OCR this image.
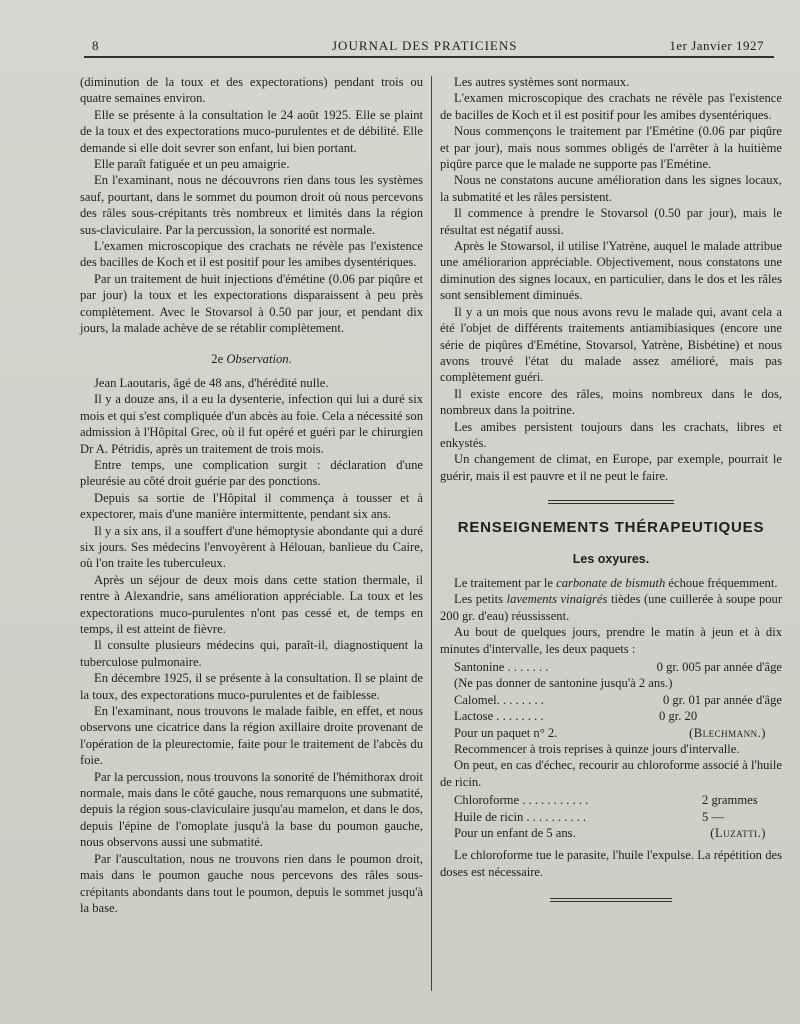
8	JOURNAL DES PRATICIENS	1er Janvier 1927

(diminution de la toux et des expectorations) pendant trois ou quatre semaines environ.

Elle se présente à la consultation le 24 août 1925. Elle se plaint de la toux et des expectorations muco-purulentes et de débilité. Elle demande si elle doit sevrer son enfant, lui bien portant.

Elle paraît fatiguée et un peu amaigrie.

En l'examinant, nous ne découvrons rien dans tous les systèmes sauf, pourtant, dans le sommet du poumon droit où nous percevons des râles sous-crépitants très nombreux et limités dans la région sus-claviculaire. Par la percussion, la sonorité est normale.

L'examen microscopique des crachats ne révèle pas l'existence des bacilles de Koch et il est positif pour les amibes dysentériques.

Par un traitement de huit injections d'émétine (0.06 par piqûre et par jour) la toux et les expectorations disparaissent à peu près complètement. Avec le Stovarsol à 0.50 par jour, et pendant dix jours, la malade achève de se rétablir complètement.

2e Observation.

Jean Laoutaris, âgé de 48 ans, d'hérédité nulle.

Il y a douze ans, il a eu la dysenterie, infection qui lui a duré six mois et qui s'est compliquée d'un abcès au foie. Cela a nécessité son admission à l'Hôpital Grec, où il fut opéré et guéri par le chirurgien Dr A. Pétridis, après un traitement de trois mois.

Entre temps, une complication surgit : déclaration d'une pleurésie au côté droit guérie par des ponctions.

Depuis sa sortie de l'Hôpital il commença à tousser et à expectorer, mais d'une manière intermittente, pendant six ans.

Il y a six ans, il a souffert d'une hémoptysie abondante qui a duré six jours. Ses médecins l'envoyèrent à Hélouan, banlieue du Caire, où l'on traite les tuberculeux.

Après un séjour de deux mois dans cette station thermale, il rentre à Alexandrie, sans amélioration appréciable. La toux et les expectorations muco-purulentes n'ont pas cessé et, de temps en temps, il est atteint de fièvre.

Il consulte plusieurs médecins qui, paraît-il, diagnostiquent la tuberculose pulmonaire.

En décembre 1925, il se présente à la consultation. Il se plaint de la toux, des expectorations muco-purulentes et de faiblesse.

En l'examinant, nous trouvons le malade faible, en effet, et nous observons une cicatrice dans la région axillaire droite provenant de l'opération de la pleurectomie, faite pour le traitement de l'abcès du foie.

Par la percussion, nous trouvons la sonorité de l'hémithorax droit normale, mais dans le côté gauche, nous remarquons une submatité, depuis la région sous-claviculaire jusqu'au mamelon, et dans le dos, depuis l'épine de l'omoplate jusqu'à la base du poumon gauche, nous observons aussi une submatité.

Par l'auscultation, nous ne trouvons rien dans le poumon droit, mais dans le poumon gauche nous percevons des râles sous-crépitants abondants dans tout le poumon, depuis le sommet jusqu'à la base.

Les autres systèmes sont normaux.

L'examen microscopique des crachats ne révèle pas l'existence de bacilles de Koch et il est positif pour les amibes dysentériques.

Nous commençons le traitement par l'Emétine (0.06 par piqûre et par jour), mais nous sommes obligés de l'arrêter à la huitième piqûre parce que le malade ne supporte pas l'Emétine.

Nous ne constatons aucune amélioration dans les signes locaux, la submatité et les râles persistent.

Il commence à prendre le Stovarsol (0.50 par jour), mais le résultat est négatif aussi.

Après le Stowarsol, il utilise l'Yatrène, auquel le malade attribue une améliorarion appréciable. Objectivement, nous constatons une diminution des signes locaux, en particulier, dans le dos et les râles sont sensiblement diminués.

Il y a un mois que nous avons revu le malade qui, avant cela a été l'objet de différents traitements antiamibiasiques (encore une série de piqûres d'Emétine, Stovarsol, Yatrène, Bisbétine) et nous avons trouvé l'état du malade assez amélioré, mais pas complètement guéri.

Il existe encore des râles, moins nombreux dans le dos, nombreux dans la poitrine.

Les amibes persistent toujours dans les crachats, libres et enkystés.

Un changement de climat, en Europe, par exemple, pourrait le guérir, mais il est pauvre et il ne peut le faire.

RENSEIGNEMENTS THÉRAPEUTIQUES
Les oxyures.

Le traitement par le carbonate de bismuth échoue fréquemment.

Les petits lavements vinaigrés tièdes (une cuillerée à soupe pour 200 gr. d'eau) réussissent.

Au bout de quelques jours, prendre le matin à jeun et à dix minutes d'intervalle, les deux paquets :

Santonine . . . . . . .	0 gr. 005 par année d'âge
(Ne pas donner de santonine jusqu'à 2 ans.)
Calomel. . . . . . . .	0 gr. 01 par année d'âge
Lactose . . . . . . . .	0 gr. 20
Pour un paquet n° 2.	(Blechmann.)

Recommencer à trois reprises à quinze jours d'intervalle.

On peut, en cas d'échec, recourir au chloroforme associé à l'huile de ricin.

Chloroforme . . . . . . . . . . .	2 grammes
Huile de ricin . . . . . . . . . .	5 —
Pour un enfant de 5 ans.	(Luzatti.)

Le chloroforme tue le parasite, l'huile l'expulse. La répétition des doses est nécessaire.
